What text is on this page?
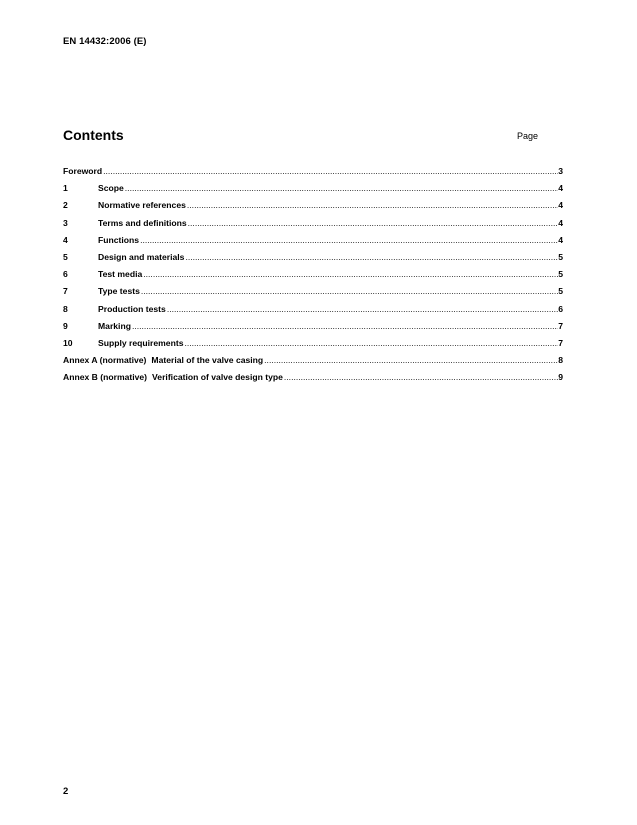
EN 14432:2006 (E)
Contents	Page
Foreword .....	3
1	Scope .....	4
2	Normative references .....	4
3	Terms and definitions .....	4
4	Functions .....	4
5	Design and materials .....	5
6	Test media .....	5
7	Type tests .....	5
8	Production tests .....	6
9	Marking .....	7
10	Supply requirements .....	7
Annex A (normative) Material of the valve casing .....	8
Annex B (normative) Verification of valve design type .....	9
2
